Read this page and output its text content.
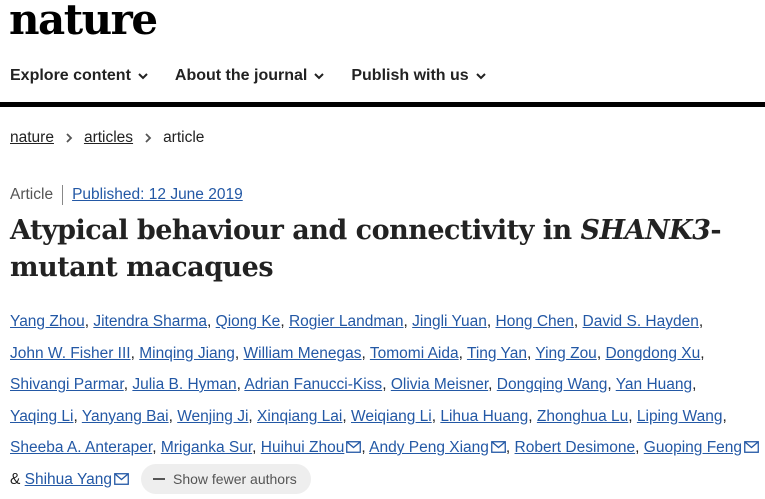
nature
Explore content	About the journal	Publish with us
nature articles article
Article Published: 12 June 2019
Atypical behaviour and connectivity in SHANK3-mutant macaques
Yang Zhou, Jitendra Sharma, Qiong Ke, Rogier Landman, Jingli Yuan, Hong Chen, David S. Hayden, John W. Fisher III, Minqing Jiang, William Menegas, Tomomi Aida, Ting Yan, Ying Zou, Dongdong Xu, Shivangi Parmar, Julia B. Hyman, Adrian Fanucci-Kiss, Olivia Meisner, Dongqing Wang, Yan Huang, Yaqing Li, Yanyang Bai, Wenjing Ji, Xinqiang Lai, Weiqiang Li, Lihua Huang, Zhonghua Lu, Liping Wang, Sheeba A. Anteraper, Mriganka Sur, Huihui Zhou , Andy Peng Xiang , Robert Desimone, Guoping Feng & Shihua Yang	Show fewer authors
